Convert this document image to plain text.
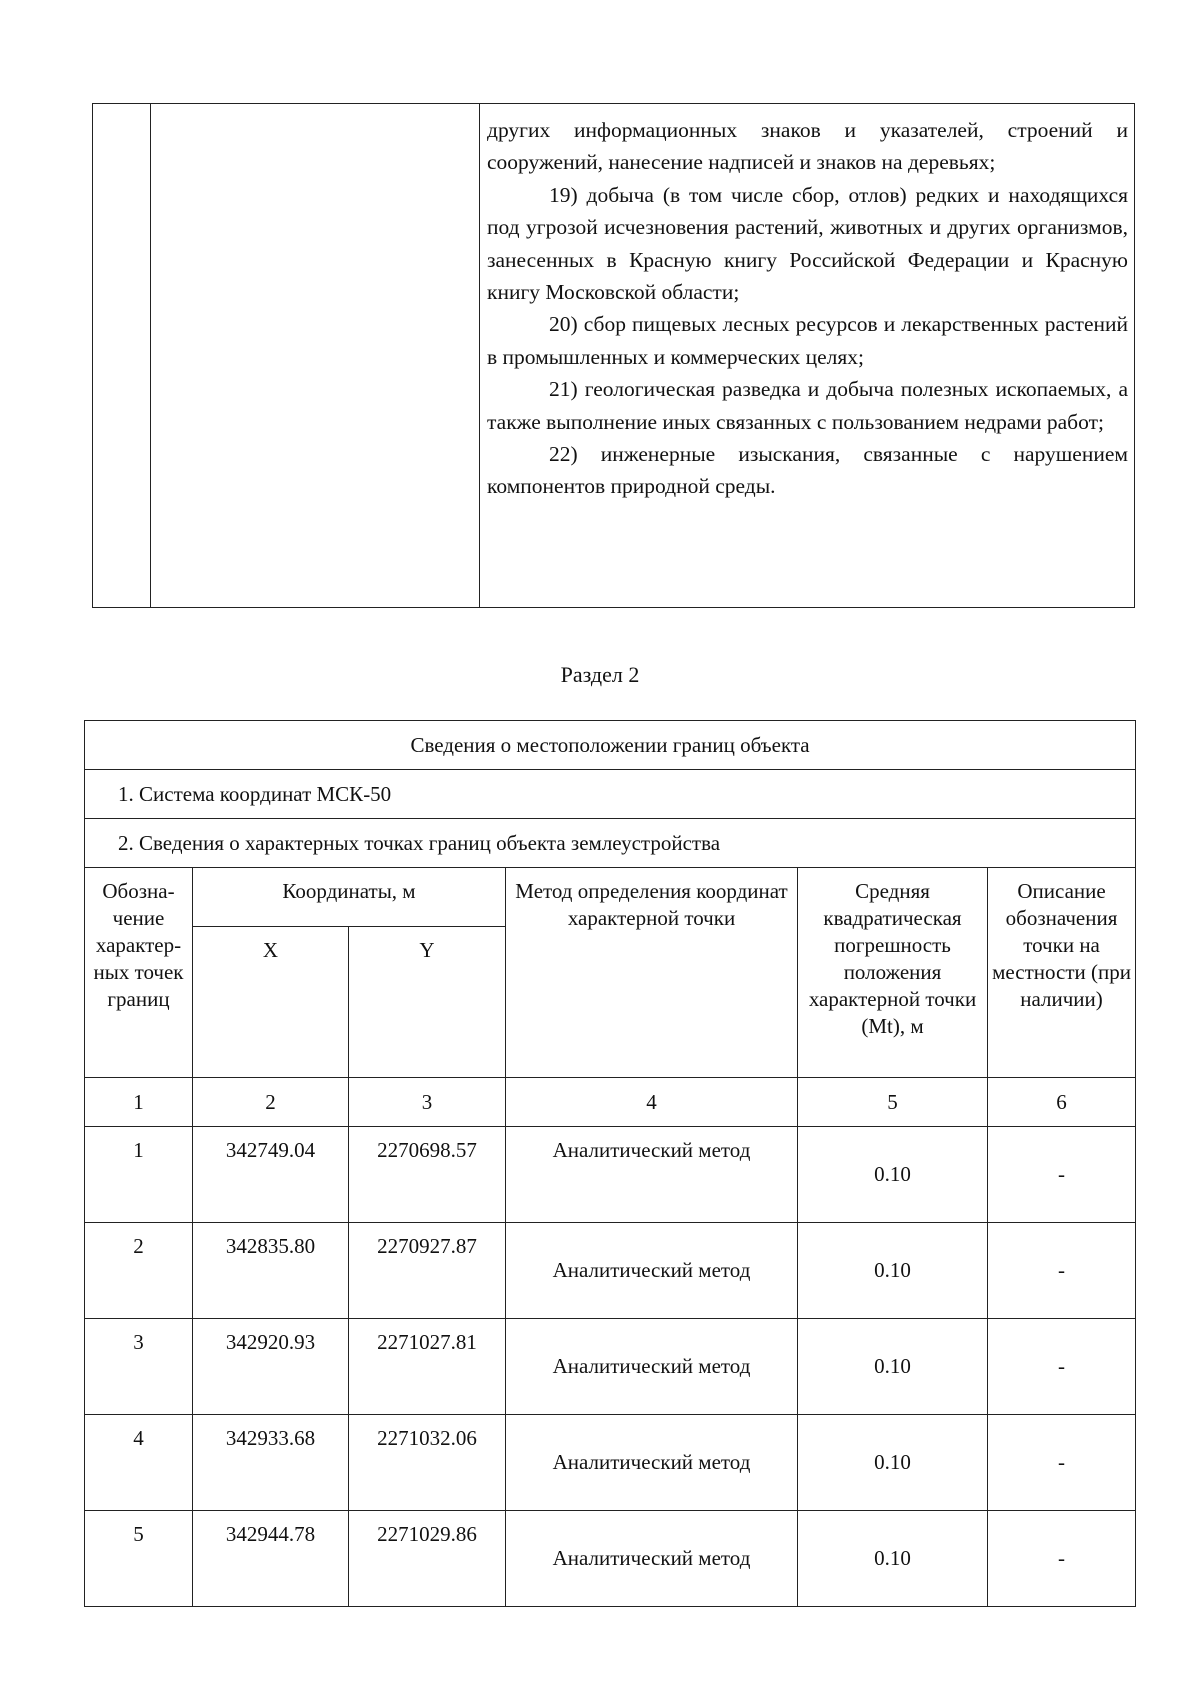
других информационных знаков и указателей, строений и сооружений, нанесение надписей и знаков на деревьях;

19) добыча (в том числе сбор, отлов) редких и находящихся под угрозой исчезновения растений, животных и других организмов, занесенных в Красную книгу Российской Федерации и Красную книгу Московской области;

20) сбор пищевых лесных ресурсов и лекарственных растений в промышленных и коммерческих целях;

21) геологическая разведка и добыча полезных ископаемых, а также выполнение иных связанных с пользованием недрами работ;

22) инженерные изыскания, связанные с нарушением компонентов природной среды.

Раздел 2
Сведения о местоположении границ объекта					
1. Система координат МСК-50					
2. Сведения о характерных точках границ объекта землеустройства					
Обозна-чение характер-ных точек границ	Координаты, м		Метод определения координат характерной точки	Средняя квадратическая погрешность положения характерной точки (Mt), м	Описание обозначения точки на местности (при наличии)
	X	Y			
1	2	3	4	5	6
1	342749.04	2270698.57	Аналитический метод	0.10	-
2	342835.80	2270927.87	Аналитический метод	0.10	-
3	342920.93	2271027.81	Аналитический метод	0.10	-
4	342933.68	2271032.06	Аналитический метод	0.10	-
5	342944.78	2271029.86	Аналитический метод	0.10	-
